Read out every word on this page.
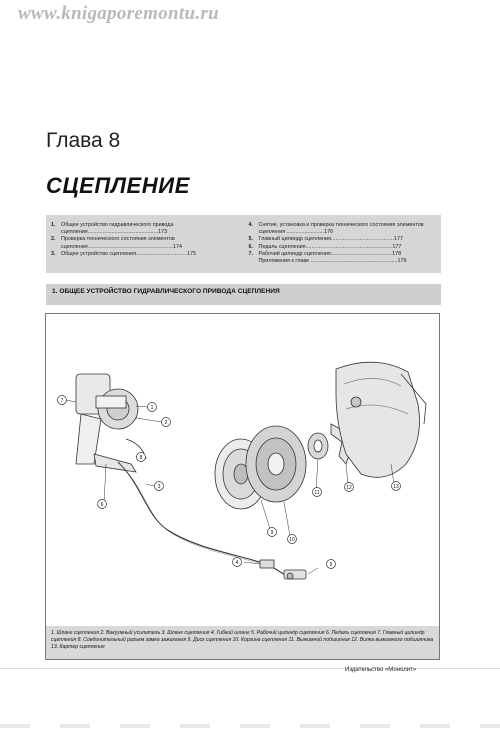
www.knigaporemontu.ru
Глава 8
СЦЕПЛЕНИЕ
1.	Общее устройство гидравлического привода сцепления...............................................173
2.	Проверка технического состояния элементов сцепления.........................................................174
3.	Общее устройство сцепления..................................175
4.	Снятие, установка и проверка технического состояния элементов сцепления .........................176
5.	Главный цилиндр сцепления..........................................177
6.	Педаль сцепления..........................................................177
7.	Рабочий цилиндр сцепления.........................................178
Приложения к главе ..........................................................179
1. ОБЩЕЕ УСТРОЙСТВО ГИДРАВЛИЧЕСКОГО ПРИВОДА СЦЕПЛЕНИЯ
1
2
3
4	5
6
7
8
9
10
11
12	13
1. Шланг сцепления 2. Вакуумный усилитель 3. Шланг сцепления 4. Гибкий шланг 5. Рабочий цилиндр сцепления 6. Педаль сцепления 7. Главный цилиндр сцепления 8. Соединительный разъем замка зажигания 9. Диск сцепления 10. Корзина сцепления 11. Выжимной подшипник 12. Вилка выжимного подшипника 13. Картер сцепления
Издательство «Монолит»
